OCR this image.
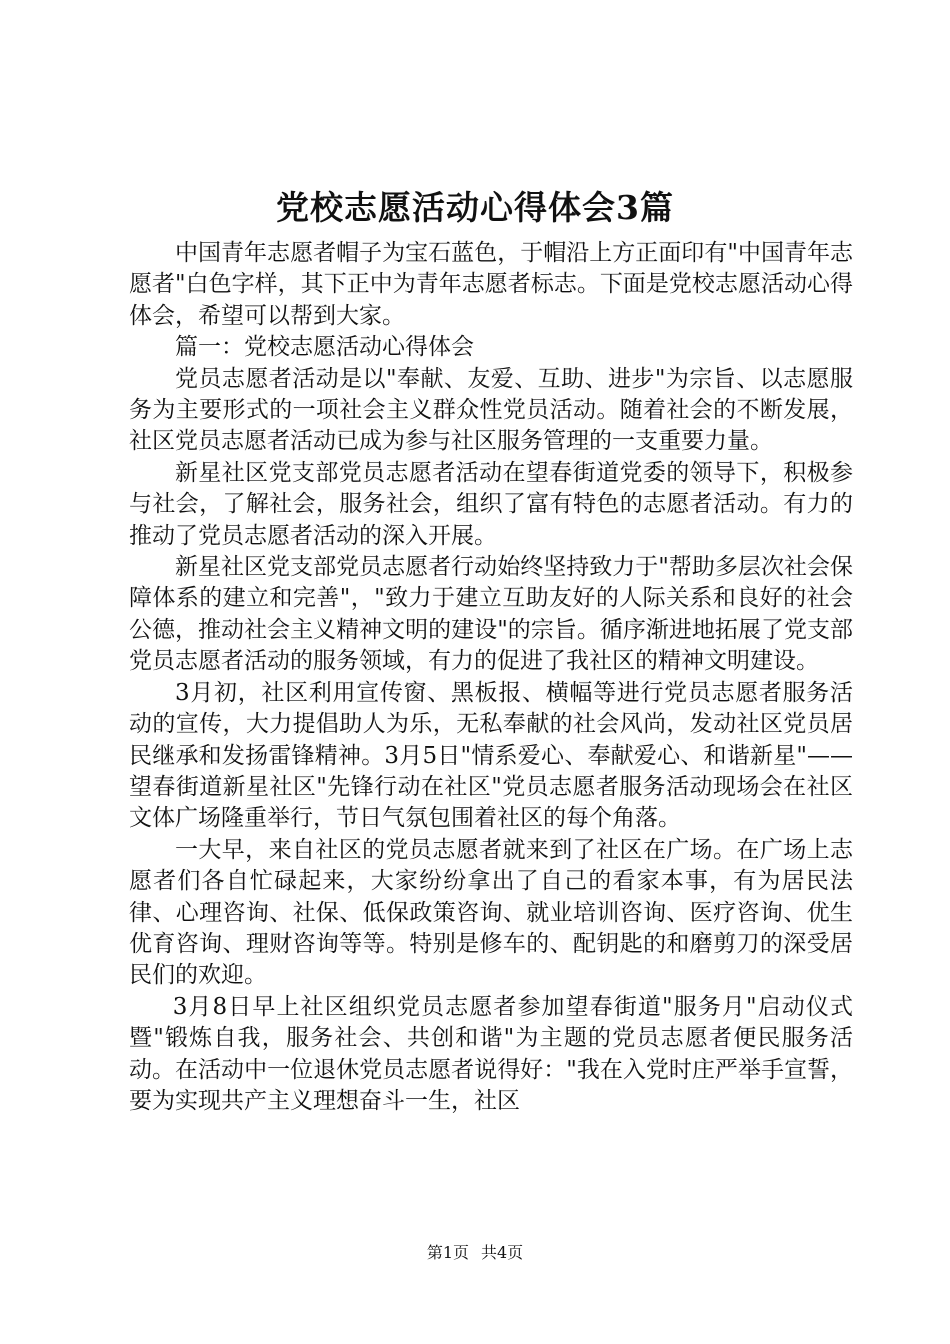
党校志愿活动心得体会3篇

中国青年志愿者帽子为宝石蓝色，于帽沿上方正面印有"中国青年志愿者"白色字样，其下正中为青年志愿者标志。下面是党校志愿活动心得体会，希望可以帮到大家。

篇一：党校志愿活动心得体会

党员志愿者活动是以"奉献、友爱、互助、进步"为宗旨、以志愿服务为主要形式的一项社会主义群众性党员活动。随着社会的不断发展，社区党员志愿者活动已成为参与社区服务管理的一支重要力量。

新星社区党支部党员志愿者活动在望春街道党委的领导下，积极参与社会，了解社会，服务社会，组织了富有特色的志愿者活动。有力的推动了党员志愿者活动的深入开展。

新星社区党支部党员志愿者行动始终坚持致力于"帮助多层次社会保障体系的建立和完善"，"致力于建立互助友好的人际关系和良好的社会公德，推动社会主义精神文明的建设"的宗旨。循序渐进地拓展了党支部党员志愿者活动的服务领域，有力的促进了我社区的精神文明建设。

3月初，社区利用宣传窗、黑板报、横幅等进行党员志愿者服务活动的宣传，大力提倡助人为乐，无私奉献的社会风尚，发动社区党员居民继承和发扬雷锋精神。3月5日"情系爱心、奉献爱心、和谐新星"——望春街道新星社区"先锋行动在社区"党员志愿者服务活动现场会在社区文体广场隆重举行，节日气氛包围着社区的每个角落。

一大早，来自社区的党员志愿者就来到了社区在广场。在广场上志愿者们各自忙碌起来，大家纷纷拿出了自己的看家本事，有为居民法律、心理咨询、社保、低保政策咨询、就业培训咨询、医疗咨询、优生优育咨询、理财咨询等等。特别是修车的、配钥匙的和磨剪刀的深受居民们的欢迎。

3月8日早上社区组织党员志愿者参加望春街道"服务月"启动仪式暨"锻炼自我，服务社会、共创和谐"为主题的党员志愿者便民服务活动。在活动中一位退休党员志愿者说得好："我在入党时庄严举手宣誓，要为实现共产主义理想奋斗一生，社区

第1页 共4页
